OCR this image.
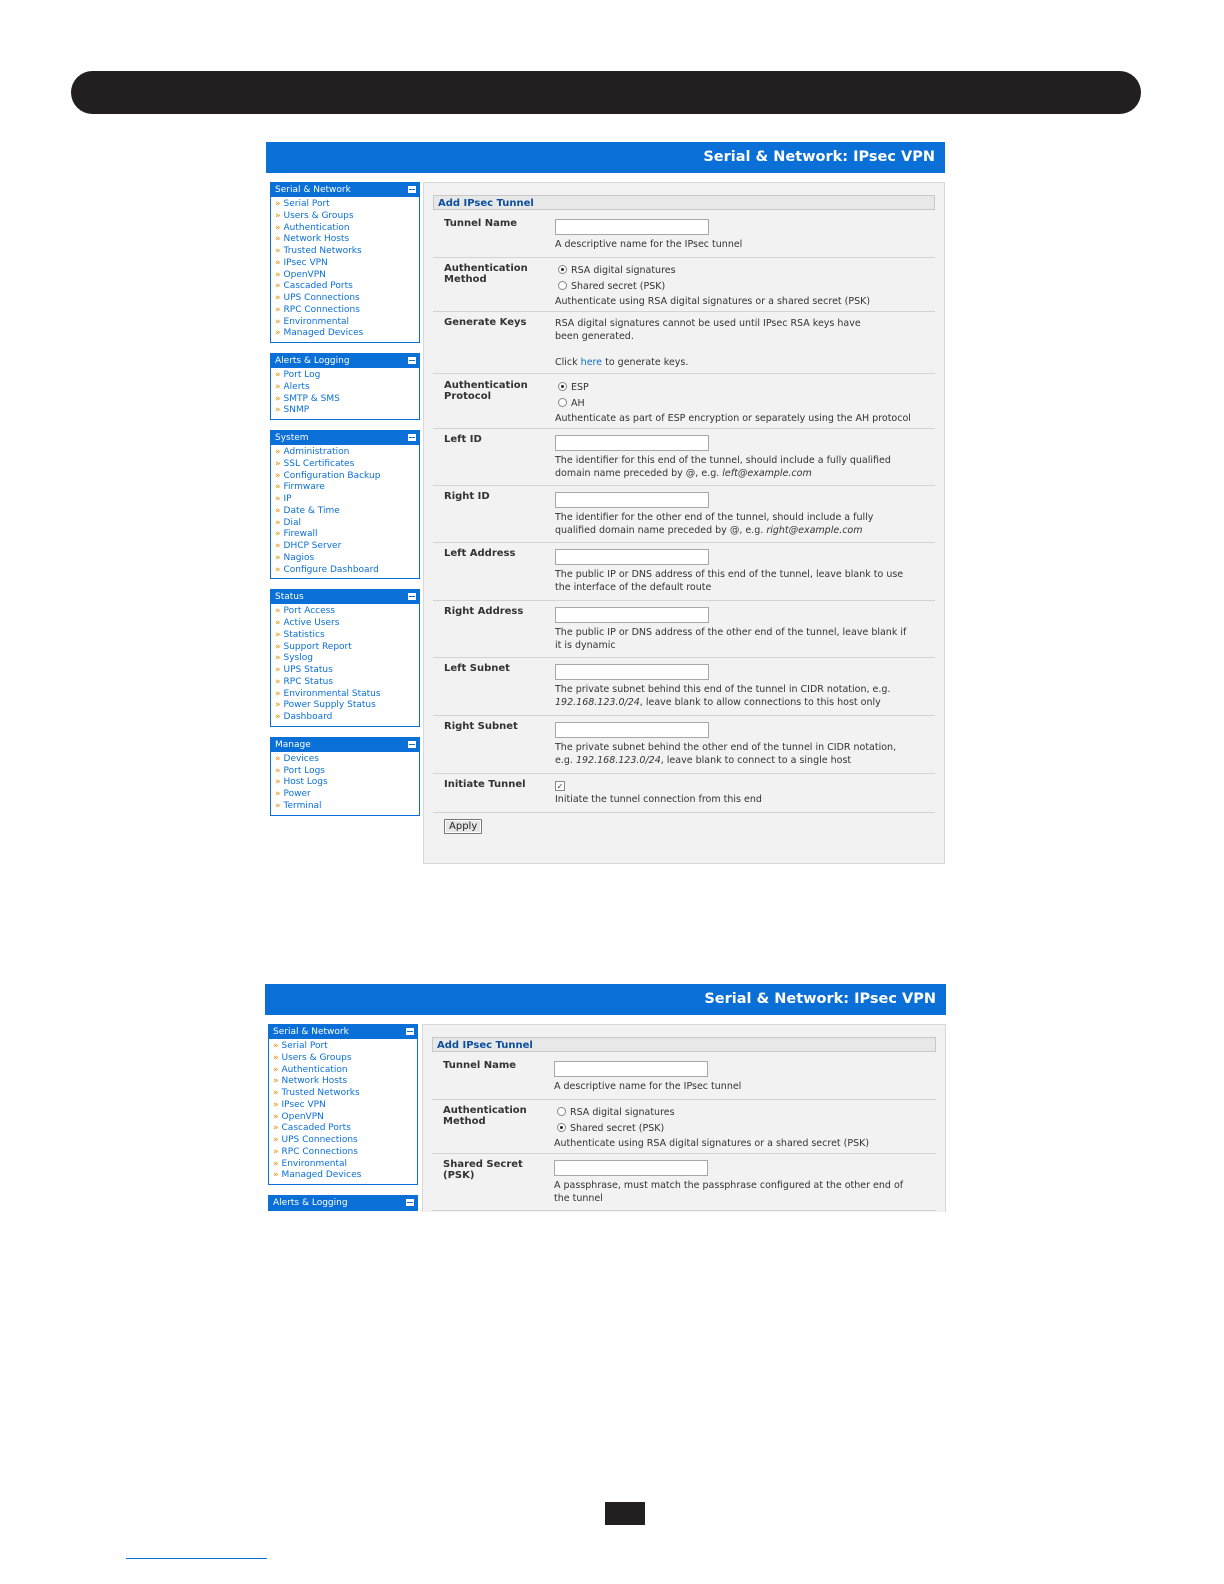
Serial & Network: IPsec VPN
Serial & Network
» Serial Port
» Users & Groups
» Authentication
» Network Hosts
» Trusted Networks
» IPsec VPN
» OpenVPN
» Cascaded Ports
» UPS Connections
» RPC Connections
» Environmental
» Managed Devices
Alerts & Logging
» Port Log
» Alerts
» SMTP & SMS
» SNMP
System
» Administration
» SSL Certificates
» Configuration Backup
» Firmware
» IP
» Date & Time
» Dial
» Firewall
» DHCP Server
» Nagios
» Configure Dashboard
Status
» Port Access
» Active Users
» Statistics
» Support Report
» Syslog
» UPS Status
» RPC Status
» Environmental Status
» Power Supply Status
» Dashboard
Manage
» Devices
» Port Logs
» Host Logs
» Power
» Terminal
Add IPsec Tunnel
Tunnel Name
A descriptive name for the IPsec tunnel
Authentication Method
RSA digital signatures
Shared secret (PSK)
Authenticate using RSA digital signatures or a shared secret (PSK)
Generate Keys	RSA digital signatures cannot be used until IPsec RSA keys have been generated.
Click here to generate keys.
Authentication Protocol
ESP
AH
Authenticate as part of ESP encryption or separately using the AH protocol
Left ID
The identifier for this end of the tunnel, should include a fully qualified domain name preceded by @, e.g. left@example.com
Right ID
The identifier for the other end of the tunnel, should include a fully qualified domain name preceded by @, e.g. right@example.com
Left Address
The public IP or DNS address of this end of the tunnel, leave blank to use the interface of the default route
Right Address
The public IP or DNS address of the other end of the tunnel, leave blank if it is dynamic
Left Subnet
The private subnet behind this end of the tunnel in CIDR notation, e.g. 192.168.123.0/24, leave blank to allow connections to this host only
Right Subnet
The private subnet behind the other end of the tunnel in CIDR notation, e.g. 192.168.123.0/24, leave blank to connect to a single host
Initiate Tunnel	✓
Initiate the tunnel connection from this end
Apply
Serial & Network: IPsec VPN
Serial & Network
» Serial Port
» Users & Groups
» Authentication
» Network Hosts
» Trusted Networks
» IPsec VPN
» OpenVPN
» Cascaded Ports
» UPS Connections
» RPC Connections
» Environmental
» Managed Devices
Alerts & Logging
Add IPsec Tunnel
Tunnel Name
A descriptive name for the IPsec tunnel
Authentication Method
RSA digital signatures
Shared secret (PSK)
Authenticate using RSA digital signatures or a shared secret (PSK)
Shared Secret (PSK)
A passphrase, must match the passphrase configured at the other end of the tunnel
